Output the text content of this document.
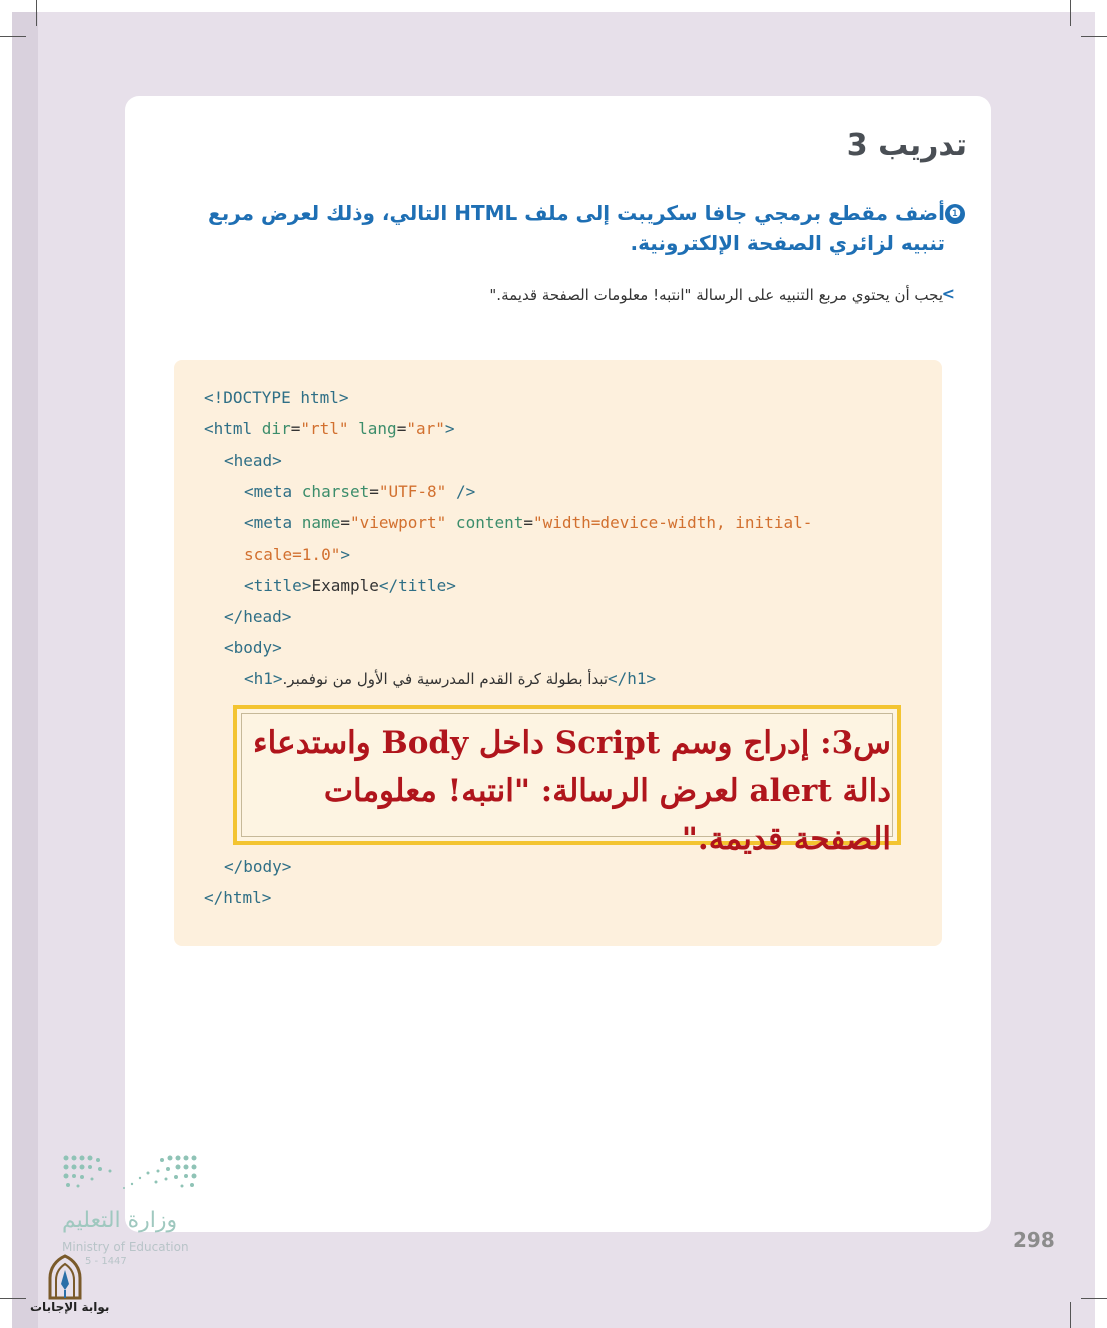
تدريب 3
❶
أضف مقطع برمجي جافا سكريبت إلى ملف HTML التالي، وذلك لعرض مربع تنبيه لزائري الصفحة الإلكترونية.
<
يجب أن يحتوي مربع التنبيه على الرسالة "انتبه! معلومات الصفحة قديمة."
<!DOCTYPE html>
<html dir="rtl" lang="ar">
<head>
<meta charset="UTF-8" />
<meta name="viewport" content="width=device-width, initial-
scale=1.0">
<title>Example</title>
</head>
<body>
<h1>تبدأ بطولة كرة القدم المدرسية في الأول من نوفمبر.</h1>
س3: إدراج وسم Script داخل Body واستدعاء دالة alert لعرض الرسالة: "انتبه! معلومات الصفحة قديمة."
</body>
</html>
298
وزارة التعليم
Ministry of Education
5 - 1447
بوابة الإجابات
